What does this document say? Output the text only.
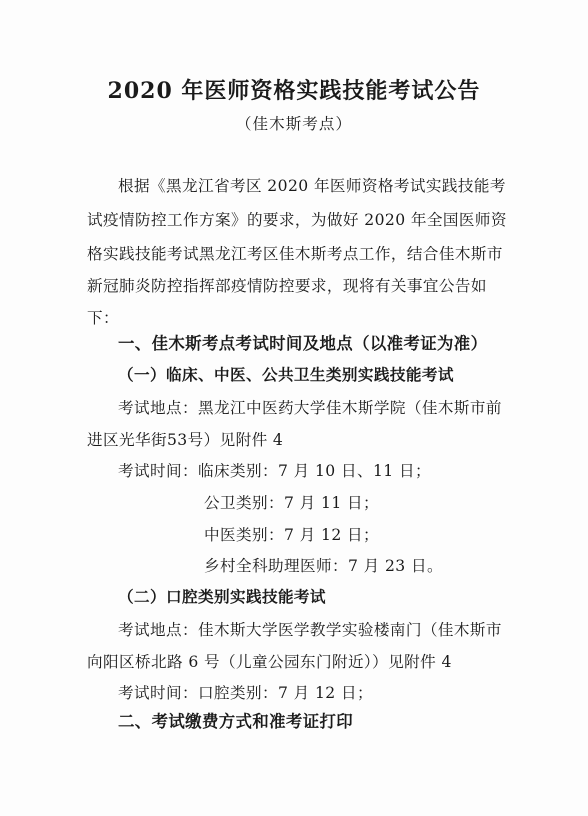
2020 年医师资格实践技能考试公告
（佳木斯考点）
根据《黑龙江省考区 2020 年医师资格考试实践技能考
试疫情防控工作方案》的要求，为做好 2020 年全国医师资
格实践技能考试黑龙江考区佳木斯考点工作，结合佳木斯市
新冠肺炎防控指挥部疫情防控要求，现将有关事宜公告如
下：
一、佳木斯考点考试时间及地点（以准考证为准）
（一）临床、中医、公共卫生类别实践技能考试
考试地点：黑龙江中医药大学佳木斯学院（佳木斯市前
进区光华街53号）见附件 4
考试时间：临床类别：7 月 10 日、11 日；
公卫类别：7 月 11 日；
中医类别：7 月 12 日；
乡村全科助理医师：7 月 23 日。
（二）口腔类别实践技能考试
考试地点：佳木斯大学医学教学实验楼南门（佳木斯市
向阳区桥北路 6 号（儿童公园东门附近））见附件 4
考试时间：口腔类别：7 月 12 日；
二、考试缴费方式和准考证打印
